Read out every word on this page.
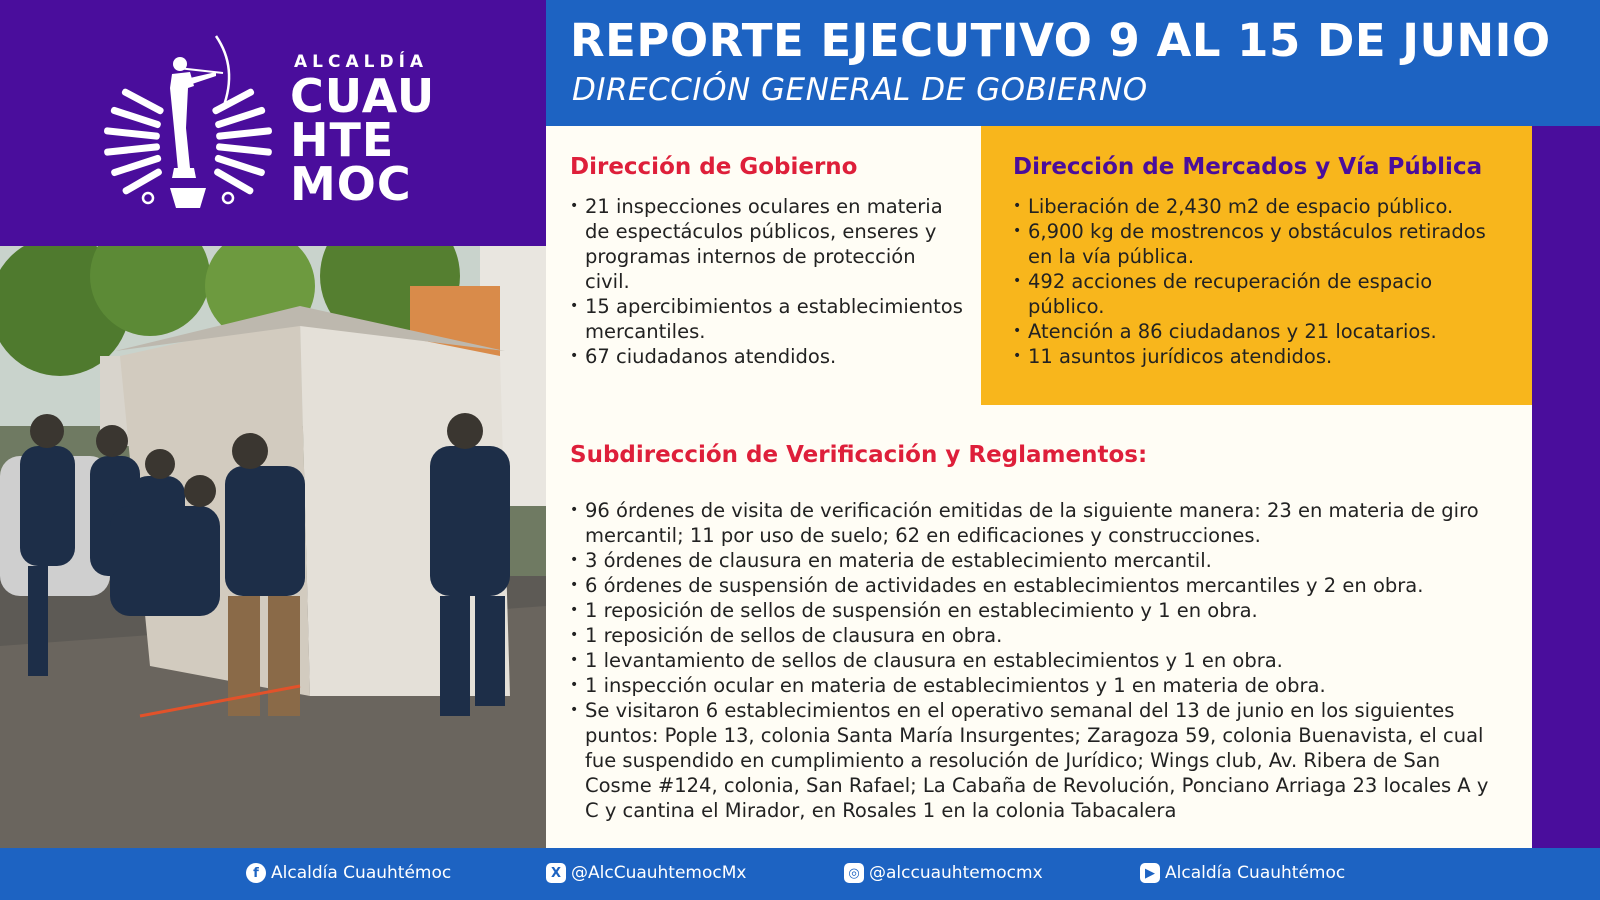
ALCALDÍA
CUAU
HTE
MOC
REPORTE EJECUTIVO 9 AL 15 DE JUNIO
DIRECCIÓN GENERAL DE GOBIERNO
Dirección de Mercados y Vía Pública
• Liberación de 2,430 m2 de espacio público.
• 6,900 kg de mostrencos y obstáculos retirados en la vía pública.
• 492 acciones de recuperación de espacio público.
• Atención a 86 ciudadanos y 21 locatarios.
• 11 asuntos jurídicos atendidos.
Dirección de Gobierno
• 21 inspecciones oculares en materia de espectáculos públicos, enseres y programas internos de protección civil.
• 15 apercibimientos a establecimientos mercantiles.
• 67 ciudadanos atendidos.
Subdirección de Verificación y Reglamentos:
• 96 órdenes de visita de verificación emitidas de la siguiente manera: 23 en materia de giro mercantil; 11 por uso de suelo; 62 en edificaciones y construcciones.
• 3 órdenes de clausura en materia de establecimiento mercantil.
• 6 órdenes de suspensión de actividades en establecimientos mercantiles y 2 en obra.
• 1 reposición de sellos de suspensión en establecimiento y 1 en obra.
• 1 reposición de sellos de clausura en obra.
• 1 levantamiento de sellos de clausura en establecimientos y 1 en obra.
• 1 inspección ocular en materia de establecimientos y 1 en materia de obra.
• Se visitaron 6 establecimientos en el operativo semanal del 13 de junio en los siguientes puntos: Pople 13, colonia Santa María Insurgentes; Zaragoza 59, colonia Buenavista, el cual fue suspendido en cumplimiento a resolución de Jurídico; Wings club, Av. Ribera de San Cosme #124, colonia, San Rafael; La Cabaña de Revolución, Ponciano Arriaga 23 locales A y C y cantina el Mirador, en Rosales 1 en la colonia Tabacalera
f Alcaldía Cuauhtémoc	X @AlcCuauhtemocMx	◎ @alccuauhtemocmx	▶ Alcaldía Cuauhtémoc
